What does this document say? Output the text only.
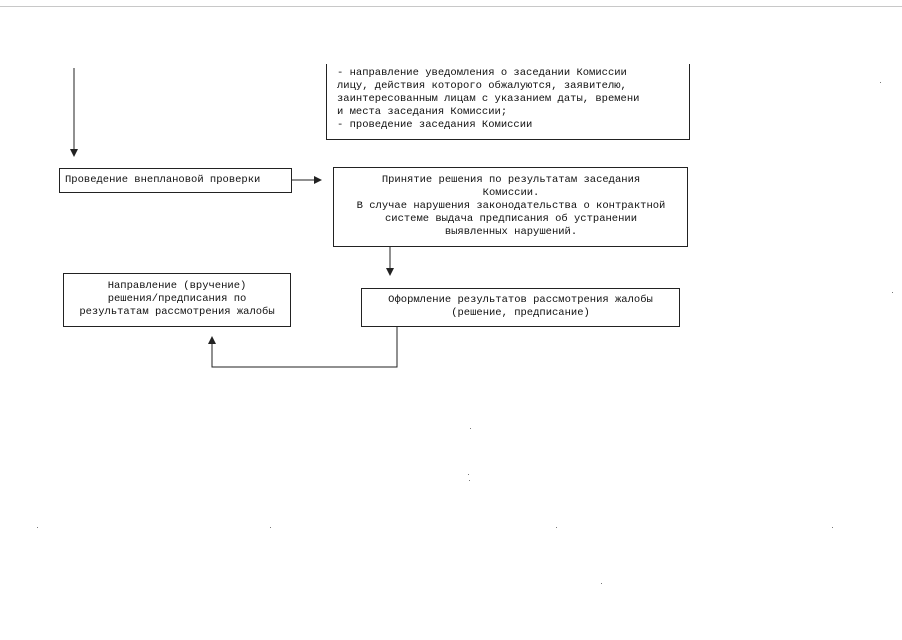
- направление уведомления о заседании Комиссии
лицу, действия которого обжалуются, заявителю,
заинтересованным лицам с указанием даты, времени
и места заседания Комиссии;
- проведение заседания Комиссии
Проведение внеплановой проверки	Принятие решения по результатам заседания
Комиссии.
В случае нарушения законодательства о контрактной
системе выдача предписания об устранении
выявленных нарушений.
Направление (вручение)
решения/предписания по
результатам рассмотрения жалобы
Оформление результатов рассмотрения жалобы
(решение, предписание)
